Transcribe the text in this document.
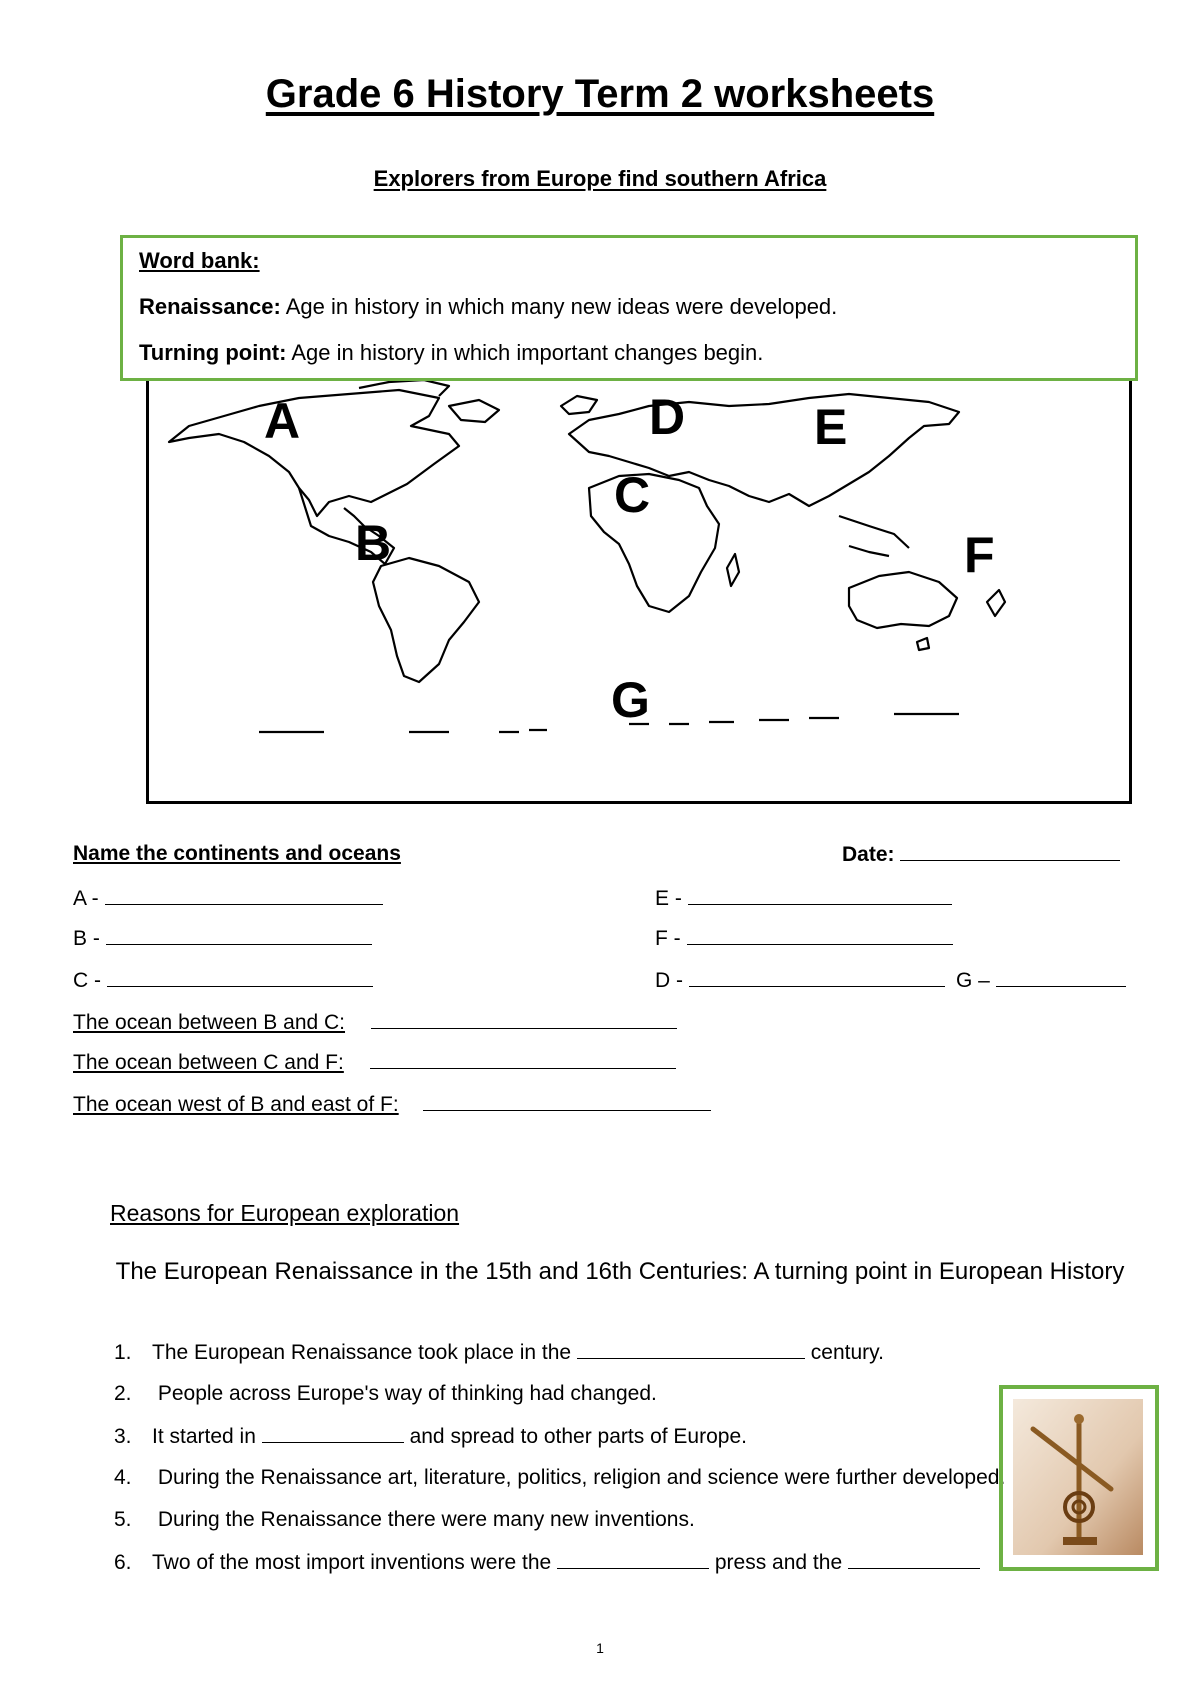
Grade 6 History Term 2 worksheets
Explorers from Europe find southern Africa
Word bank:
Renaissance: Age in history in which many new ideas were developed.
Turning point: Age in history in which important changes begin.
A
B
C
D	E
F
G
Name the continents and oceans	Date:
A -	E -
B -	F -
C -	D -	G –
The ocean between B and C:
The ocean between C and F:
The ocean west of B and east of F:
Reasons for European exploration
The European Renaissance in the 15th and 16th Centuries: A turning point in European History
1. The European Renaissance took place in the	century.
2. People across Europe's way of thinking had changed.
3. It started in	and spread to other parts of Europe.
4. During the Renaissance art, literature, politics, religion and science were further developed.
5. During the Renaissance there were many new inventions.
6. Two of the most import inventions were the	press and the
1
